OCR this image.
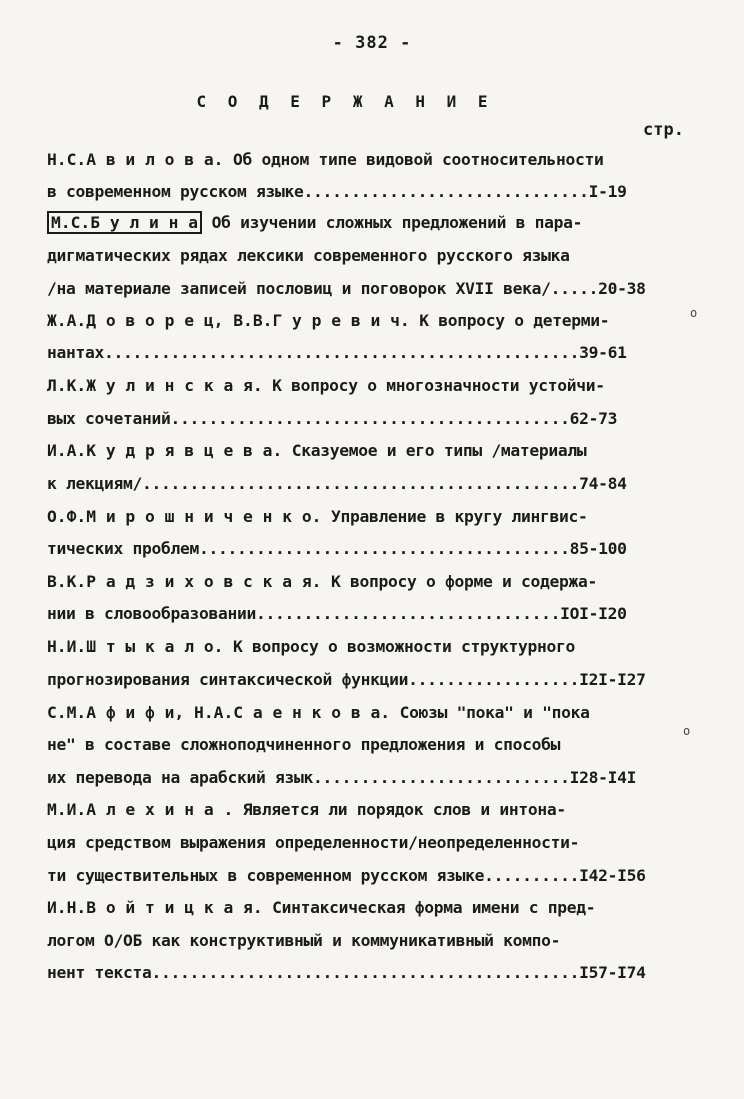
- 382 -
С О Д Е Р Ж А Н И Е
стр.
Н.С.А в и л о в а. Об одном типе видовой соотносительности
в современном русском языке..............................I-19
М.С.Б у л и н а Об изучении сложных предложений в пара-
дигматических рядах лексики современного русского языка
/на материале записей пословиц и поговорок XVII века/.....20-38
Ж.А.Д о в о р е ц, В.В.Г у р е в и ч. К вопросу о детерми-
нантах..................................................39-61
Л.К.Ж у л и н с к а я. К вопросу о многозначности устойчи-
вых сочетаний..........................................62-73
И.А.К у д р я в ц е в а. Сказуемое и его типы /материалы
к лекциям/..............................................74-84
О.Ф.М и р о ш н и ч е н к о. Управление в кругу лингвис-
тических проблем.......................................85-100
В.К.Р а д з и х о в с к а я. К вопросу о форме и содержа-
нии в словообразовании................................IOI-I20
Н.И.Ш т ы к а л о. К вопросу о возможности структурного
прогнозирования синтаксической функции..................I2I-I27
С.М.А ф и ф и, Н.А.С а е н к о в а. Союзы "пока" и "пока
не" в составе сложноподчиненного предложения и способы
их перевода на арабский язык...........................I28-I4I
М.И.А л е х и н а . Является ли порядок слов и интона-
ция средством выражения определенности/неопределенности-
ти существительных в современном русском языке..........I42-I56
И.Н.В о й т и ц к а я. Синтаксическая форма имени с пред-
логом О/ОБ как конструктивный и коммуникативный компо-
нент текста.............................................I57-I74
o
o
